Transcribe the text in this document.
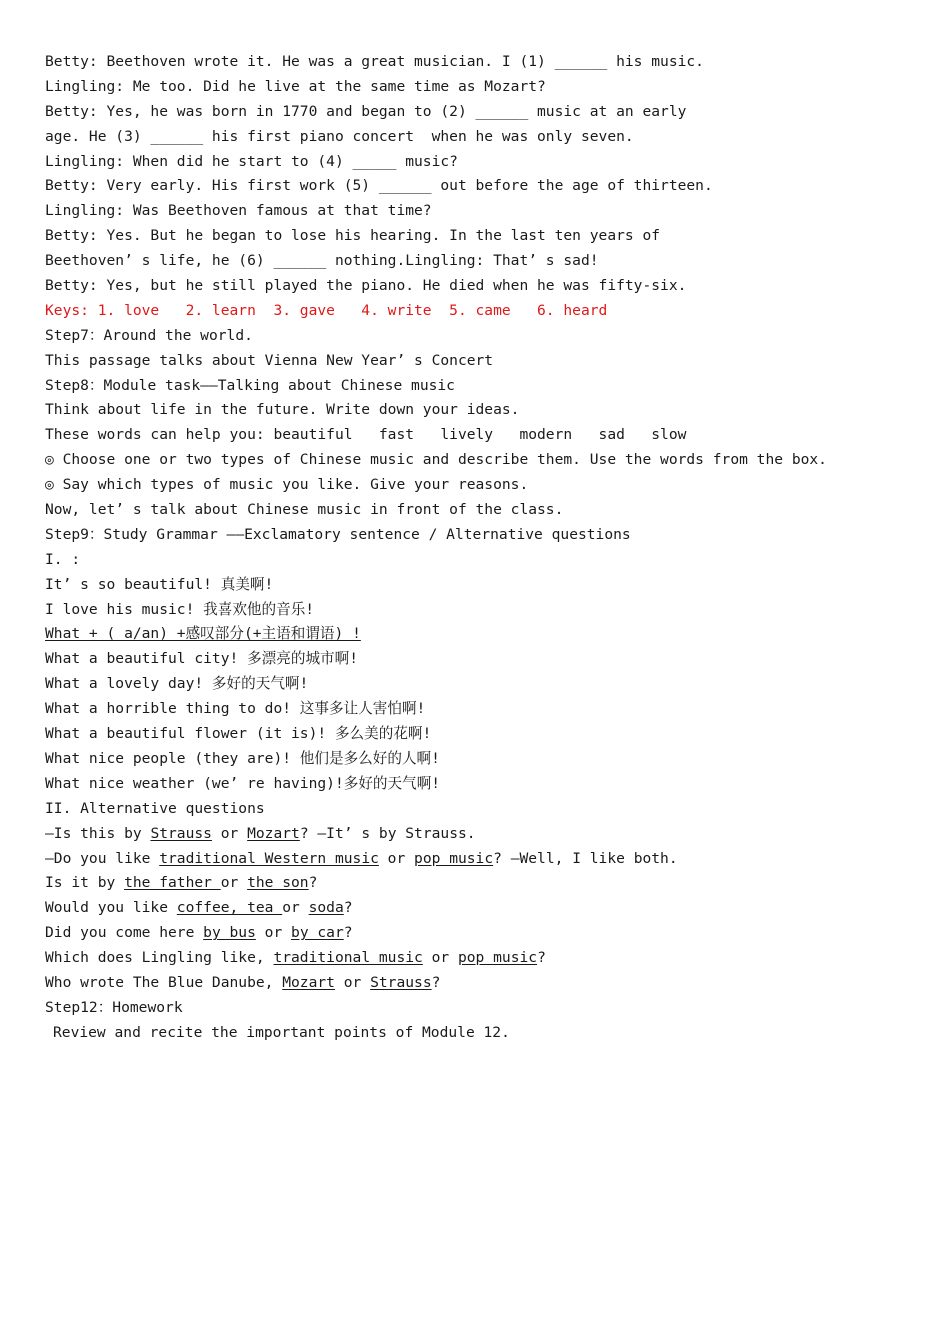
Betty: Beethoven wrote it. He was a great musician. I (1) ______ his music.
Lingling: Me too. Did he live at the same time as Mozart?
Betty: Yes, he was born in 1770 and began to (2) ______ music at an early
age. He (3) ______ his first piano concert  when he was only seven.
Lingling: When did he start to (4) _____ music?
Betty: Very early. His first work (5) ______ out before the age of thirteen.
Lingling: Was Beethoven famous at that time?
Betty: Yes. But he began to lose his hearing. In the last ten years of
Beethoven’ s life, he (6) ______ nothing.Lingling: That’ s sad!
Betty: Yes, but he still played the piano. He died when he was fifty-six.
Keys: 1. love   2. learn  3. gave   4. write  5. came   6. heard
Step7：Around the world.
This passage talks about Vienna New Year’ s Concert
Step8：Module task——Talking about Chinese music
Think about life in the future. Write down your ideas.
These words can help you: beautiful   fast   lively   modern   sad   slow
◎ Choose one or two types of Chinese music and describe them. Use the words from the box.
◎ Say which types of music you like. Give your reasons.
Now, let’ s talk about Chinese music in front of the class.
Step9：Study Grammar ——Exclamatory sentence / Alternative questions
I. :
It’ s so beautiful! 真美啊!
I love his music! 我喜欢他的音乐!
What + ( a/an) +感叹部分(+主语和谓语) !
What a beautiful city! 多漂亮的城市啊!
What a lovely day! 多好的天气啊!
What a horrible thing to do! 这事多让人害怕啊!
What a beautiful flower (it is)! 多么美的花啊!
What nice people (they are)! 他们是多么好的人啊!
What nice weather (we’ re having)!多好的天气啊!
II. Alternative questions
—Is this by Strauss or Mozart? —It’ s by Strauss.
—Do you like traditional Western music or pop music? —Well, I like both.
Is it by the father or the son?
Would you like coffee, tea or soda?
Did you come here by bus or by car?
Which does Lingling like, traditional music or pop music?
Who wrote The Blue Danube, Mozart or Strauss?
Step12：Homework
Review and recite the important points of Module 12.
